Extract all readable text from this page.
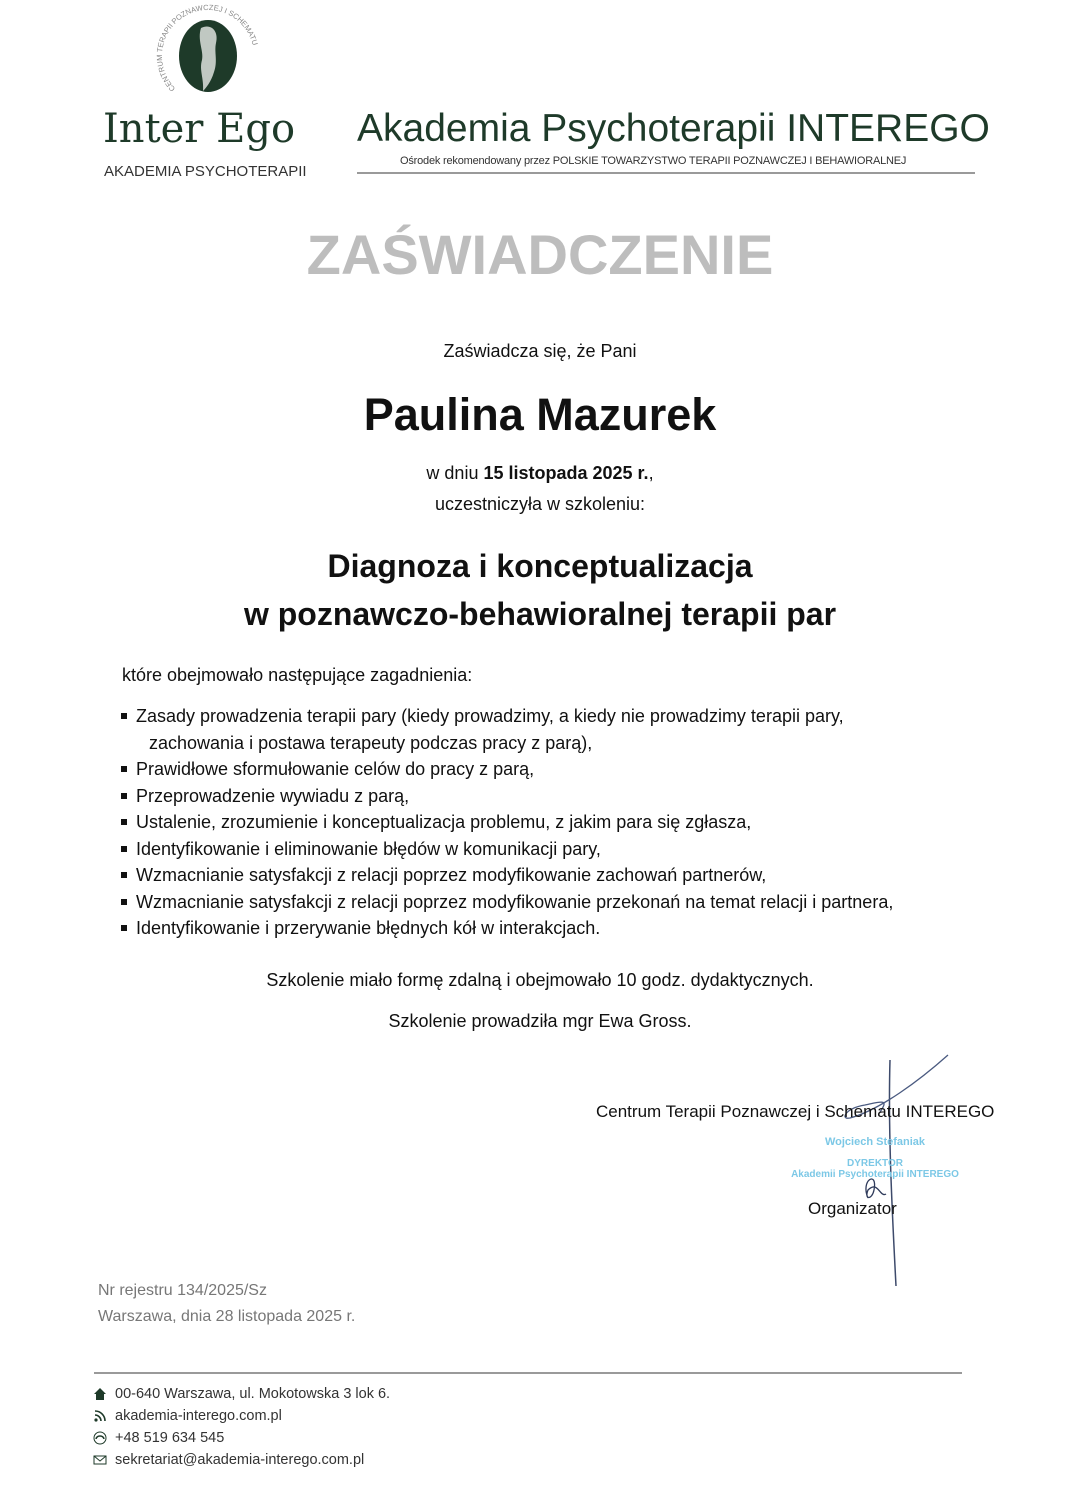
CENTRUM TERAPII POZNAWCZEJ I SCHEMATU
Inter Ego
AKADEMIA PSYCHOTERAPII
Akademia Psychoterapii INTEREGO
Ośrodek rekomendowany przez POLSKIE TOWARZYSTWO TERAPII POZNAWCZEJ I BEHAWIORALNEJ
ZAŚWIADCZENIE
Zaświadcza się, że Pani
Paulina Mazurek
w dniu 15 listopada 2025 r.,
uczestniczyła w szkoleniu:
Diagnoza i konceptualizacja
w poznawczo-behawioralnej terapii par
które obejmowało następujące zagadnienia:
Zasady prowadzenia terapii pary (kiedy prowadzimy, a kiedy nie prowadzimy terapii pary,
zachowania i postawa terapeuty podczas pracy z parą),
Prawidłowe sformułowanie celów do pracy z parą,
Przeprowadzenie wywiadu z parą,
Ustalenie, zrozumienie i konceptualizacja problemu, z jakim para się zgłasza,
Identyfikowanie i eliminowanie błędów w komunikacji pary,
Wzmacnianie satysfakcji z relacji poprzez modyfikowanie zachowań partnerów,
Wzmacnianie satysfakcji z relacji poprzez modyfikowanie przekonań na temat relacji i partnera,
Identyfikowanie i przerywanie błędnych kół w interakcjach.
Szkolenie miało formę zdalną i obejmowało 10 godz. dydaktycznych.
Szkolenie prowadziła mgr Ewa Gross.
Centrum Terapii Poznawczej i Schematu INTEREGO
Wojciech Stefaniak
DYREKTOR
Akademii Psychoterapii INTEREGO
Organizator
Nr rejestru 134/2025/Sz
Warszawa, dnia 28 listopada 2025 r.
00-640 Warszawa, ul. Mokotowska 3 lok 6.
akademia-interego.com.pl
+48 519 634 545
sekretariat@akademia-interego.com.pl
